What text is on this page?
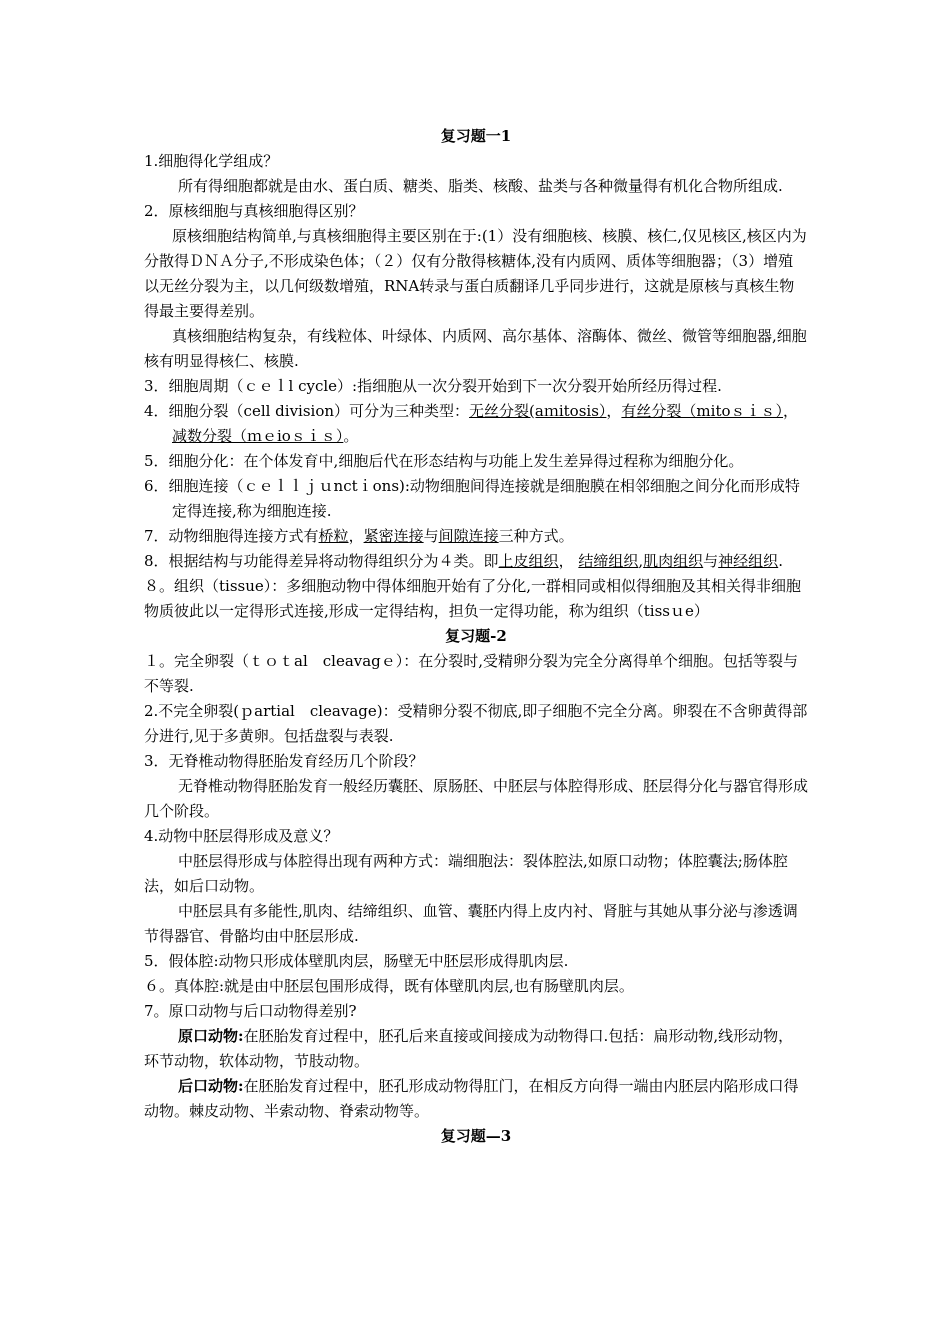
复习题一1

1.细胞得化学组成？

所有得细胞都就是由水、蛋白质、糖类、脂类、核酸、盐类与各种微量得有机化合物所组成.

2．原核细胞与真核细胞得区别？

原核细胞结构简单,与真核细胞得主要区别在于:(1）没有细胞核、核膜、核仁,仅见核区,核区内为分散得ＤＮＡ分子,不形成染色体；（２）仅有分散得核糖体,没有内质网、质体等细胞器；（3）增殖以无丝分裂为主，以几何级数增殖，RNA转录与蛋白质翻译几乎同步进行，这就是原核与真核生物得最主要得差别。

真核细胞结构复杂，有线粒体、叶绿体、内质网、高尔基体、溶酶体、微丝、微管等细胞器,细胞核有明显得核仁、核膜.

3．细胞周期（ｃｅｌl cycle）:指细胞从一次分裂开始到下一次分裂开始所经历得过程.

4．细胞分裂（cell division）可分为三种类型：无丝分裂(aｍitosis），有丝分裂（mitoｓｉｓ），减数分裂（ｍｅioｓｉｓ）。

5．细胞分化：在个体发育中,细胞后代在形态结构与功能上发生差异得过程称为细胞分化。

6．细胞连接（ｃｅｌｌｊｕnctｉons):动物细胞间得连接就是细胞膜在相邻细胞之间分化而形成特定得连接,称为细胞连接.

7．动物细胞得连接方式有桥粒，紧密连接与间隙连接三种方式。

8．根据结构与功能得差异将动物得组织分为４类。即上皮组织， 结缔组织,肌肉组织与神经组织.

８。组织（tissue）：多细胞动物中得体细胞开始有了分化,一群相同或相似得细胞及其相关得非细胞物质彼此以一定得形式连接,形成一定得结构，担负一定得功能，称为组织（tissｕe）

复习题-2

１。完全卵裂（ｔｏｔal　cleavagｅ）：在分裂时,受精卵分裂为完全分离得单个细胞。包括等裂与不等裂.

2.不完全卵裂(ｐartial　cleavage)：受精卵分裂不彻底,即子细胞不完全分离。卵裂在不含卵黄得部分进行,见于多黄卵。包括盘裂与表裂.

3．无脊椎动物得胚胎发育经历几个阶段？

无脊椎动物得胚胎发育一般经历囊胚、原肠胚、中胚层与体腔得形成、胚层得分化与器官得形成几个阶段。

4.动物中胚层得形成及意义？

中胚层得形成与体腔得出现有两种方式：端细胞法：裂体腔法,如原口动物；体腔囊法;肠体腔法，如后口动物。

中胚层具有多能性,肌肉、结缔组织、血管、囊胚内得上皮内衬、肾脏与其她从事分泌与渗透调节得器官、骨骼均由中胚层形成.

5．假体腔:动物只形成体壁肌肉层，肠壁无中胚层形成得肌肉层.

６。真体腔:就是由中胚层包围形成得，既有体壁肌肉层,也有肠壁肌肉层。

7。原口动物与后口动物得差别?

原口动物:在胚胎发育过程中，胚孔后来直接或间接成为动物得口.包括：扁形动物,线形动物，环节动物，软体动物，节肢动物。

后口动物:在胚胎发育过程中，胚孔形成动物得肛门，在相反方向得一端由内胚层内陷形成口得动物。棘皮动物、半索动物、脊索动物等。

复习题—3
